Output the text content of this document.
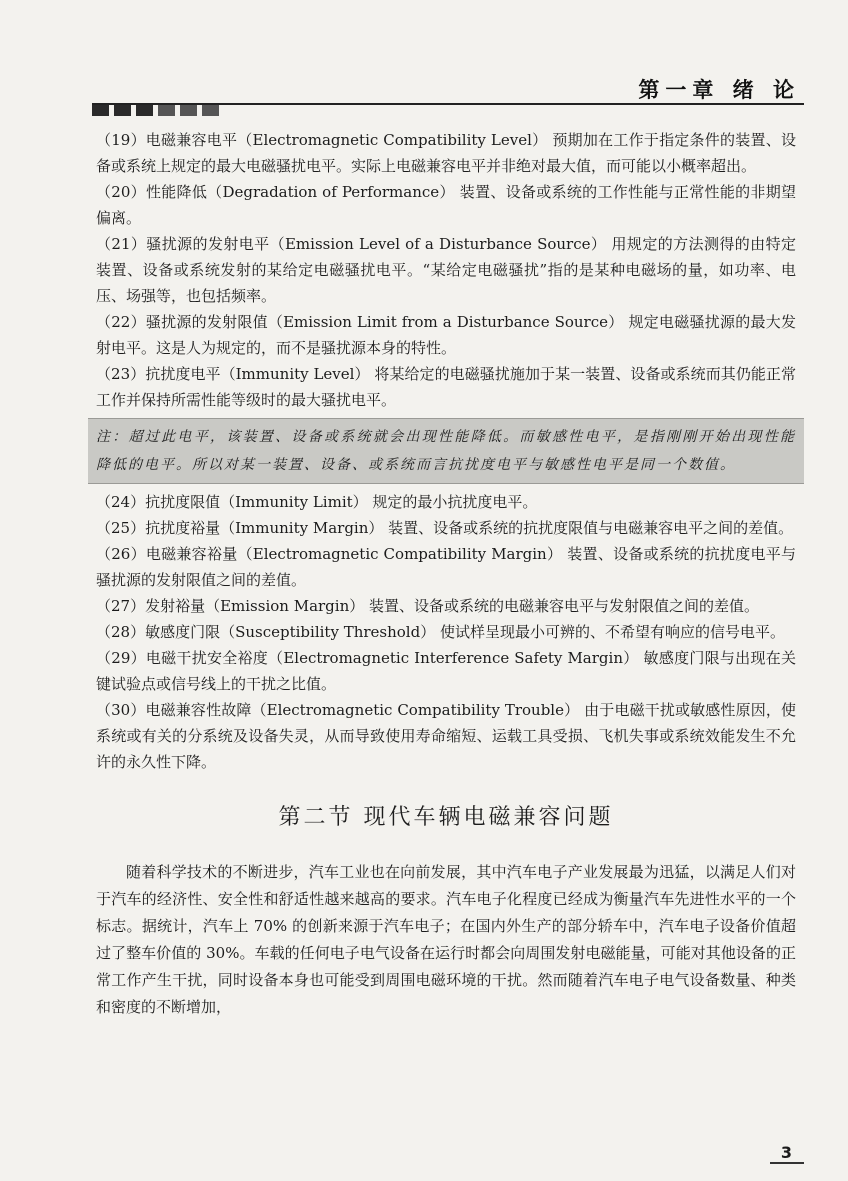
第一章 绪 论

（19）电磁兼容电平（Electromagnetic Compatibility Level） 预期加在工作于指定条件的装置、设备或系统上规定的最大电磁骚扰电平。实际上电磁兼容电平并非绝对最大值，而可能以小概率超出。

（20）性能降低（Degradation of Performance） 装置、设备或系统的工作性能与正常性能的非期望偏离。

（21）骚扰源的发射电平（Emission Level of a Disturbance Source） 用规定的方法测得的由特定装置、设备或系统发射的某给定电磁骚扰电平。“某给定电磁骚扰”指的是某种电磁场的量，如功率、电压、场强等，也包括频率。

（22）骚扰源的发射限值（Emission Limit from a Disturbance Source） 规定电磁骚扰源的最大发射电平。这是人为规定的，而不是骚扰源本身的特性。

（23）抗扰度电平（Immunity Level） 将某给定的电磁骚扰施加于某一装置、设备或系统而其仍能正常工作并保持所需性能等级时的最大骚扰电平。

注：超过此电平，该装置、设备或系统就会出现性能降低。而敏感性电平，是指刚刚开始出现性能降低的电平。所以对某一装置、设备、或系统而言抗扰度电平与敏感性电平是同一个数值。

（24）抗扰度限值（Immunity Limit） 规定的最小抗扰度电平。

（25）抗扰度裕量（Immunity Margin） 装置、设备或系统的抗扰度限值与电磁兼容电平之间的差值。

（26）电磁兼容裕量（Electromagnetic Compatibility Margin） 装置、设备或系统的抗扰度电平与骚扰源的发射限值之间的差值。

（27）发射裕量（Emission Margin） 装置、设备或系统的电磁兼容电平与发射限值之间的差值。

（28）敏感度门限（Susceptibility Threshold） 使试样呈现最小可辨的、不希望有响应的信号电平。

（29）电磁干扰安全裕度（Electromagnetic Interference Safety Margin） 敏感度门限与出现在关键试验点或信号线上的干扰之比值。

（30）电磁兼容性故障（Electromagnetic Compatibility Trouble） 由于电磁干扰或敏感性原因，使系统或有关的分系统及设备失灵，从而导致使用寿命缩短、运载工具受损、飞机失事或系统效能发生不允许的永久性下降。

第二节 现代车辆电磁兼容问题

随着科学技术的不断进步，汽车工业也在向前发展，其中汽车电子产业发展最为迅猛，以满足人们对于汽车的经济性、安全性和舒适性越来越高的要求。汽车电子化程度已经成为衡量汽车先进性水平的一个标志。据统计，汽车上 70% 的创新来源于汽车电子；在国内外生产的部分轿车中，汽车电子设备价值超过了整车价值的 30%。车载的任何电子电气设备在运行时都会向周围发射电磁能量，可能对其他设备的正常工作产生干扰，同时设备本身也可能受到周围电磁环境的干扰。然而随着汽车电子电气设备数量、种类和密度的不断增加，

3
